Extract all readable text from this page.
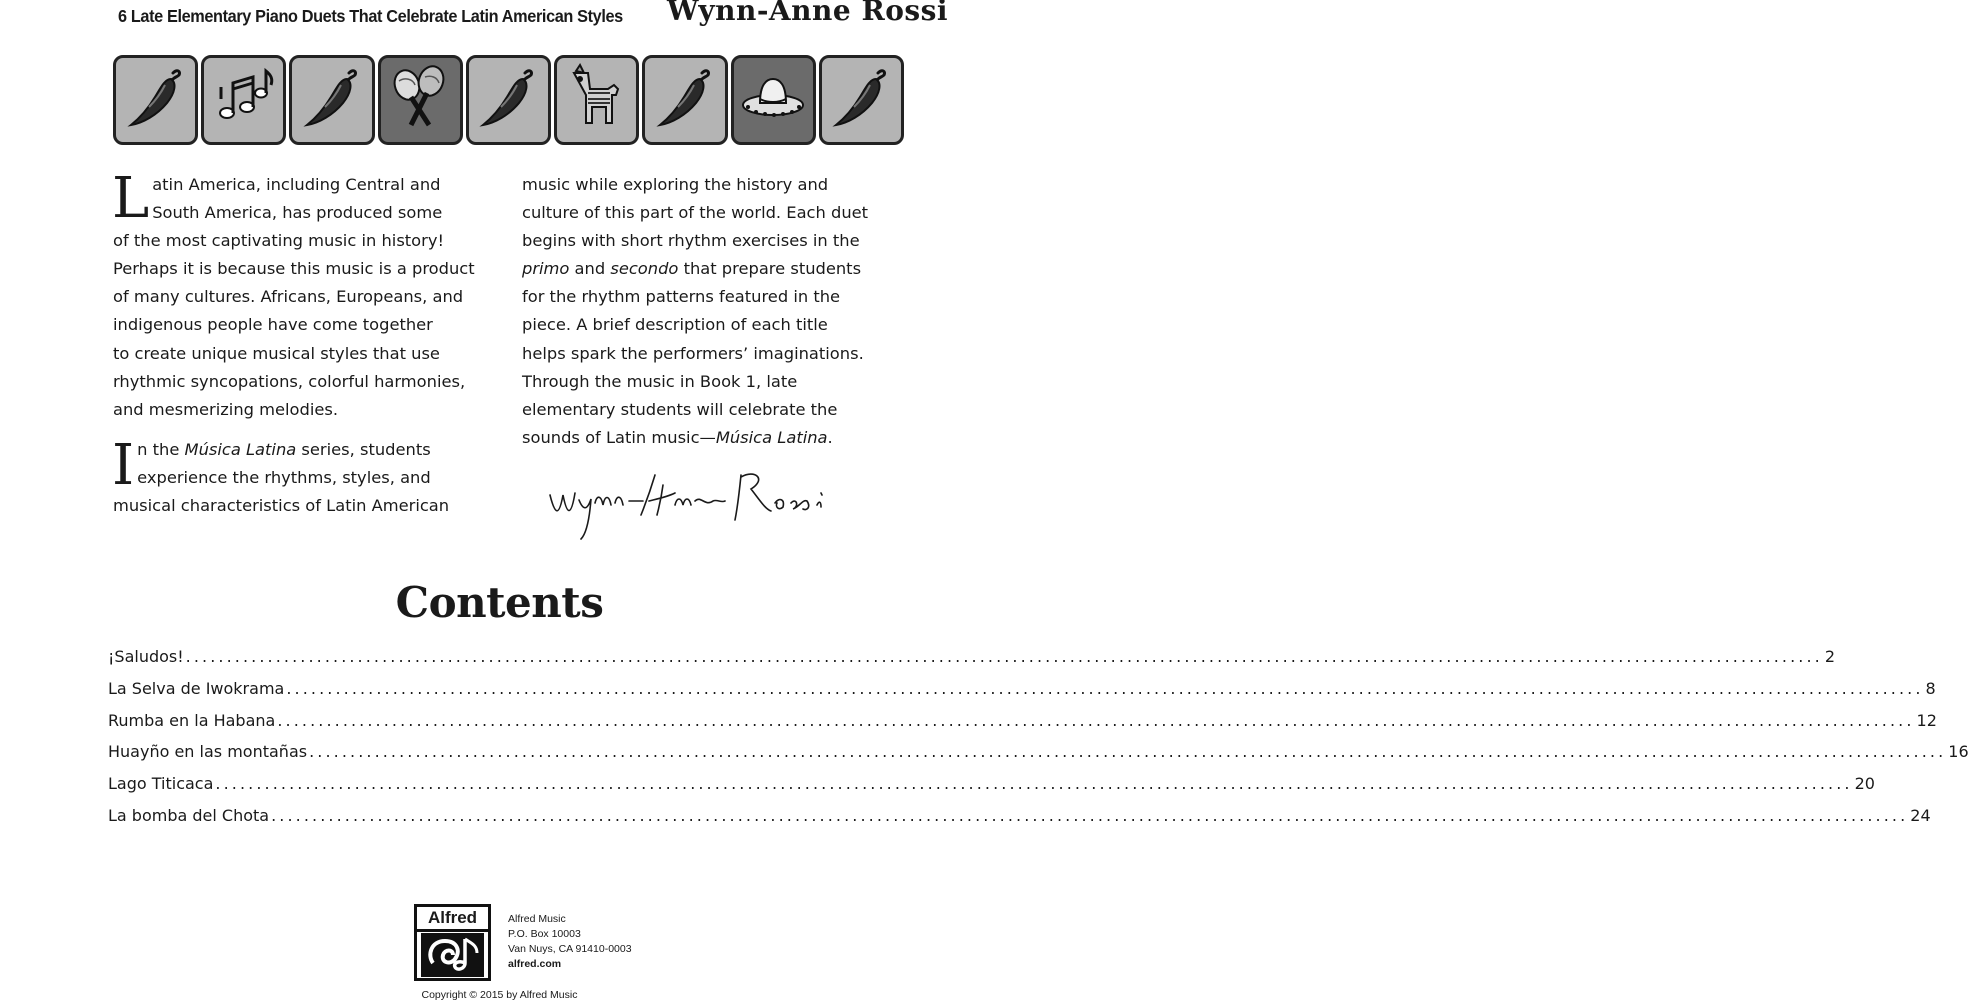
6 Late Elementary Piano Duets That Celebrate Latin American Styles Wynn-Anne Rossi

L atin America, including Central and
South America, has produced some
of the most captivating music in history!
Perhaps it is because this music is a product
of many cultures. Africans, Europeans, and
indigenous people have come together
to create unique musical styles that use
rhythmic syncopations, colorful harmonies,
and mesmerizing melodies.

I n the Música Latina series, students
experience the rhythms, styles, and
musical characteristics of Latin American

music while exploring the history and
culture of this part of the world. Each duet
begins with short rhythm exercises in the
primo and secondo that prepare students
for the rhythm patterns featured in the
piece. A brief description of each title
helps spark the performers’ imaginations.
Through the music in Book 1, late
elementary students will celebrate the
sounds of Latin music—Música Latina.

Contents
¡Saludos! ........................................................................................................................................................................................................ 2
La Selva de Iwokrama ........................................................................................................................................................................................................ 8
Rumba en la Habana ........................................................................................................................................................................................................ 12
Huayño en las montañas ........................................................................................................................................................................................................ 16
Lago Titicaca ........................................................................................................................................................................................................ 20
La bomba del Chota ........................................................................................................................................................................................................ 24
Alfred	Alfred Music
P.O. Box 10003
Van Nuys, CA 91410-0003
alfred.com
Copyright © 2015 by Alfred Music
